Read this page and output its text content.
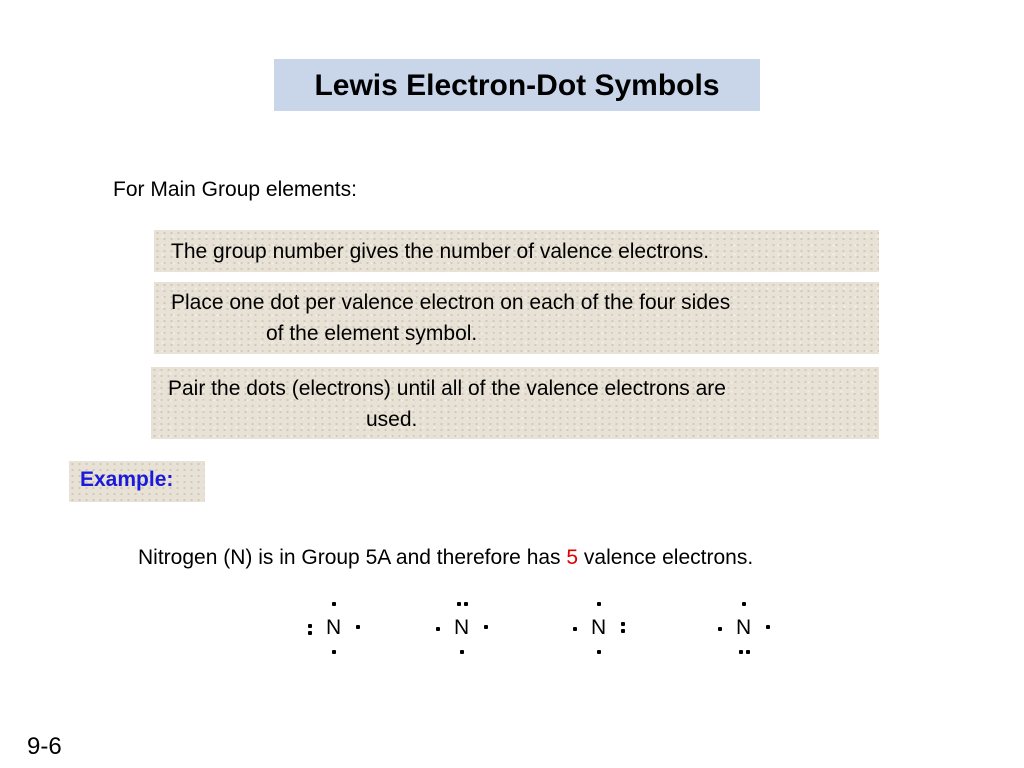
Lewis Electron-Dot Symbols
For Main Group elements:
The group number gives the number of valence electrons.
Place one dot per valence electron on each of the four sides
of the element symbol.
Pair the dots (electrons) until all of the valence electrons are
used.
Example:
Nitrogen (N) is in Group 5A and therefore has 5 valence electrons.
N	N	N	N
9-6
